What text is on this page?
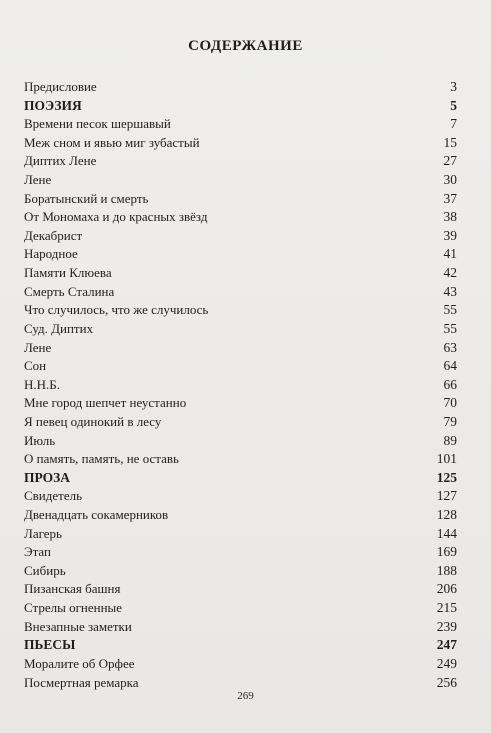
СОДЕРЖАНИЕ
Предисловие	3
ПОЭЗИЯ	5
Времени песок шершавый	7
Меж сном и явью миг зубастый	15
Диптих Лене	27
Лене	30
Боратынский и смерть	37
От Мономаха и до красных звёзд	38
Декабрист	39
Народное	41
Памяти Клюева	42
Смерть Сталина	43
Что случилось, что же случилось	55
Суд. Диптих	55
Лене	63
Сон	64
Н.Н.Б.	66
Мне город шепчет неустанно	70
Я певец одинокий в лесу	79
Июль	89
О память, память, не оставь	101
ПРОЗА	125
Свидетель	127
Двенадцать сокамерников	128
Лагерь	144
Этап	169
Сибирь	188
Пизанская башня	206
Стрелы огненные	215
Внезапные заметки	239
ПЬЕСЫ	247
Моралите об Орфее	249
Посмертная ремарка	256
269
